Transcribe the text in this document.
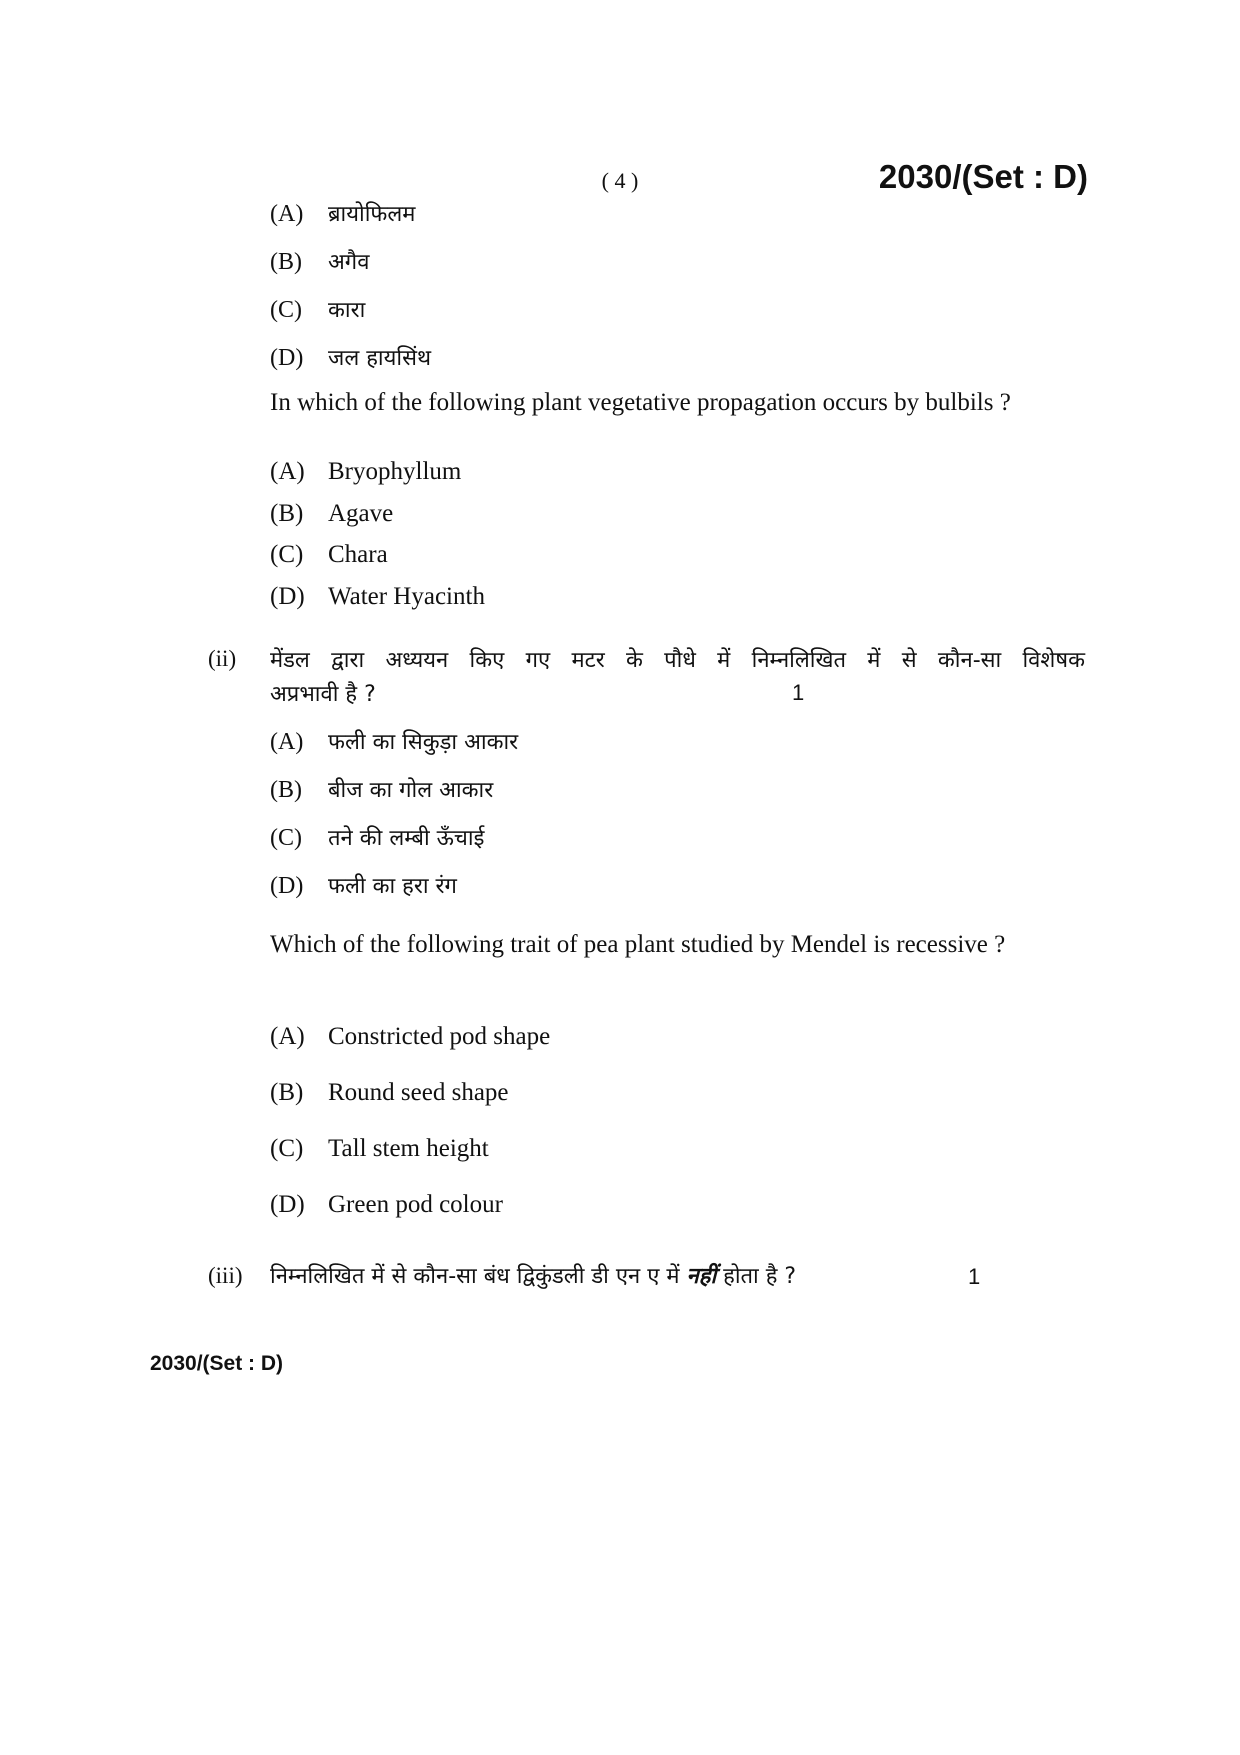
( 4 )	2030/(Set : D)
(A) ब्रायोफिलम
(B) अगैव
(C) कारा
(D) जल हायसिंथ
In which of the following plant vegetative propagation occurs by bulbils ?
(A) Bryophyllum
(B) Agave
(C) Chara
(D) Water Hyacinth
(ii) मेंडल द्वारा अध्ययन किए गए मटर के पौधे में निम्नलिखित में से कौन-सा विशेषक
अप्रभावी है ?	1
(A) फली का सिकुड़ा आकार
(B) बीज का गोल आकार
(C) तने की लम्बी ऊँचाई
(D) फली का हरा रंग
Which of the following trait of pea plant studied by Mendel is recessive ?
(A) Constricted pod shape
(B) Round seed shape
(C) Tall stem height
(D) Green pod colour
(iii) निम्नलिखित में से कौन-सा बंध द्विकुंडली डी एन ए में नहीं होता है ?	1
2030/(Set : D)
